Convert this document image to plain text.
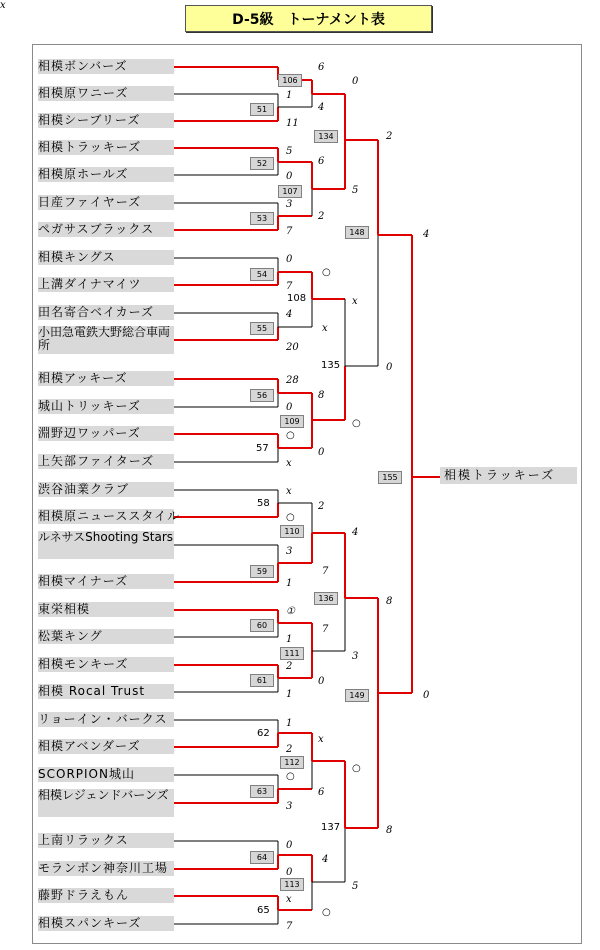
D-5級　トーナメント表
相模ボンバーズ
相模原ワニーズ
相模シーブリーズ
相模トラッキーズ
相模原ホールズ
日産ファイヤーズ
ペガサスブラックス
相模キングス
上溝ダイナマイツ
田名寄合ベイカーズ
小田急電鉄大野総合車両所
相模アッキーズ
城山トリッキーズ
淵野辺ワッパーズ
上矢部ファイターズ
渋谷油業クラブ
相模原ニューススタイル
ルネサスShooting Stars
相模マイナーズ
東栄相模
松葉キング
相模モンキーズ
相模 Rocal Trust
リョーイン・バークス
相模アベンダーズ
SCORPION城山
相模レジェンドバーンズ
上南リラックス
モランボン神奈川工場
藤野ドラえもん
相模スパンキーズ
106
51
134
52
107
53
148
54
55
56
109
155
110
59
136
60
111
61
149
112
63
64
113
108
135
57
58
62
137
65
6
0
1
4
11
2
5
6
0
5
3
2
7	4
0
○
7
x
4
x
20
0
28
8
0
○
○
0
x
x
2
○
4
3
7
1
8
①
7
1
3
2
0
1	0
1
x
2
○
○
6
3
8
0
4
0
5
x
○
7
x
相模トラッキーズ
